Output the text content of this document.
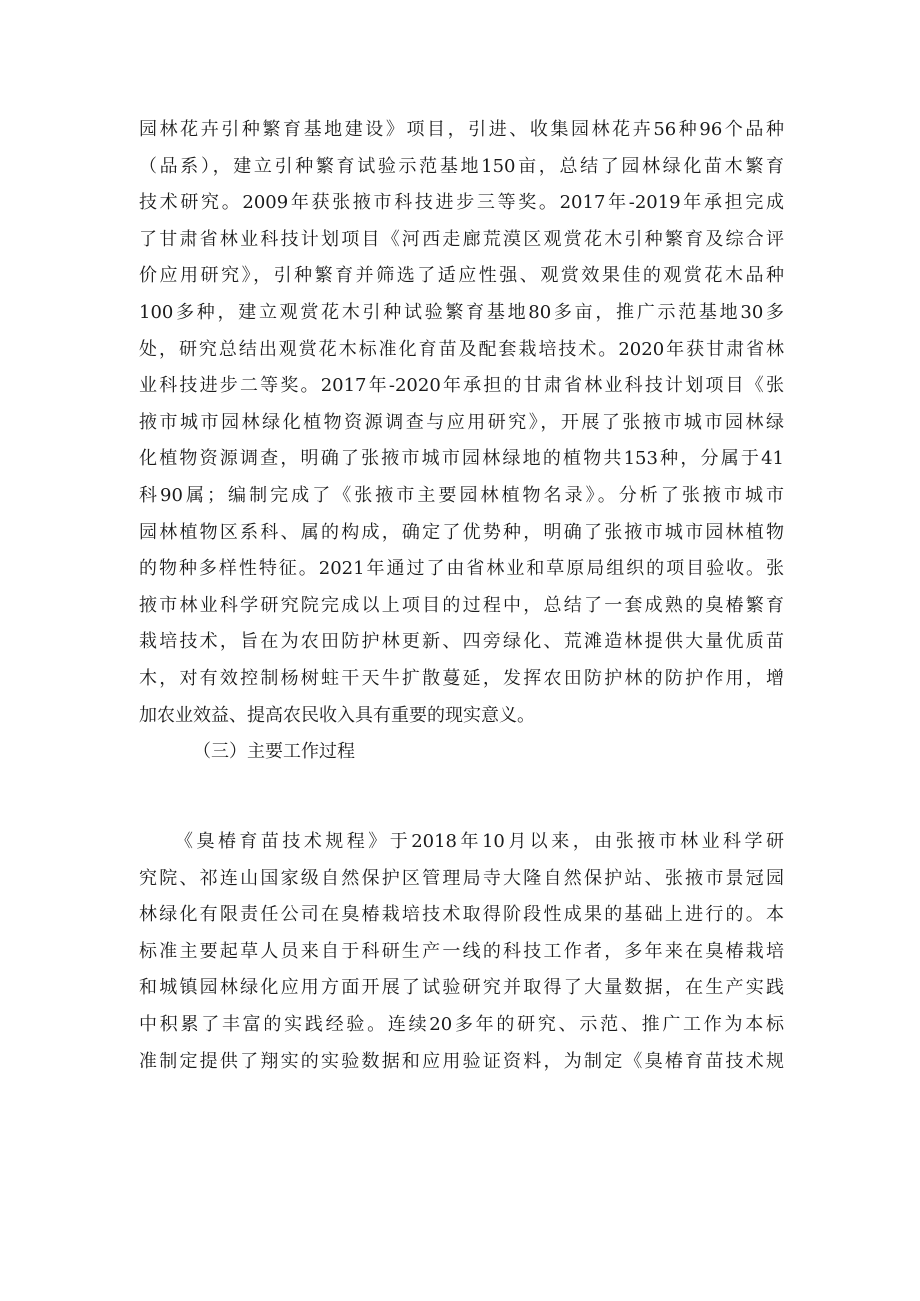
园林花卉引种繁育基地建设》项目，引进、收集园林花卉56种96个品种
（品系），建立引种繁育试验示范基地150亩，总结了园林绿化苗木繁育
技术研究。2009年获张掖市科技进步三等奖。2017年-2019年承担完成
了甘肃省林业科技计划项目《河西走廊荒漠区观赏花木引种繁育及综合评
价应用研究》，引种繁育并筛选了适应性强、观赏效果佳的观赏花木品种
100多种，建立观赏花木引种试验繁育基地80多亩，推广示范基地30多
处，研究总结出观赏花木标准化育苗及配套栽培技术。2020年获甘肃省林
业科技进步二等奖。2017年-2020年承担的甘肃省林业科技计划项目《张
掖市城市园林绿化植物资源调查与应用研究》，开展了张掖市城市园林绿
化植物资源调查，明确了张掖市城市园林绿地的植物共153种，分属于41
科90属；编制完成了《张掖市主要园林植物名录》。分析了张掖市城市
园林植物区系科、属的构成，确定了优势种，明确了张掖市城市园林植物
的物种多样性特征。2021年通过了由省林业和草原局组织的项目验收。张
掖市林业科学研究院完成以上项目的过程中，总结了一套成熟的臭椿繁育
栽培技术，旨在为农田防护林更新、四旁绿化、荒滩造林提供大量优质苗
木，对有效控制杨树蛀干天牛扩散蔓延，发挥农田防护林的防护作用，增
加农业效益、提高农民收入具有重要的现实意义。
（三）主要工作过程
《臭椿育苗技术规程》于2018年10月以来，由张掖市林业科学研
究院、祁连山国家级自然保护区管理局寺大隆自然保护站、张掖市景冠园
林绿化有限责任公司在臭椿栽培技术取得阶段性成果的基础上进行的。本
标准主要起草人员来自于科研生产一线的科技工作者，多年来在臭椿栽培
和城镇园林绿化应用方面开展了试验研究并取得了大量数据，在生产实践
中积累了丰富的实践经验。连续20多年的研究、示范、推广工作为本标
准制定提供了翔实的实验数据和应用验证资料，为制定《臭椿育苗技术规
